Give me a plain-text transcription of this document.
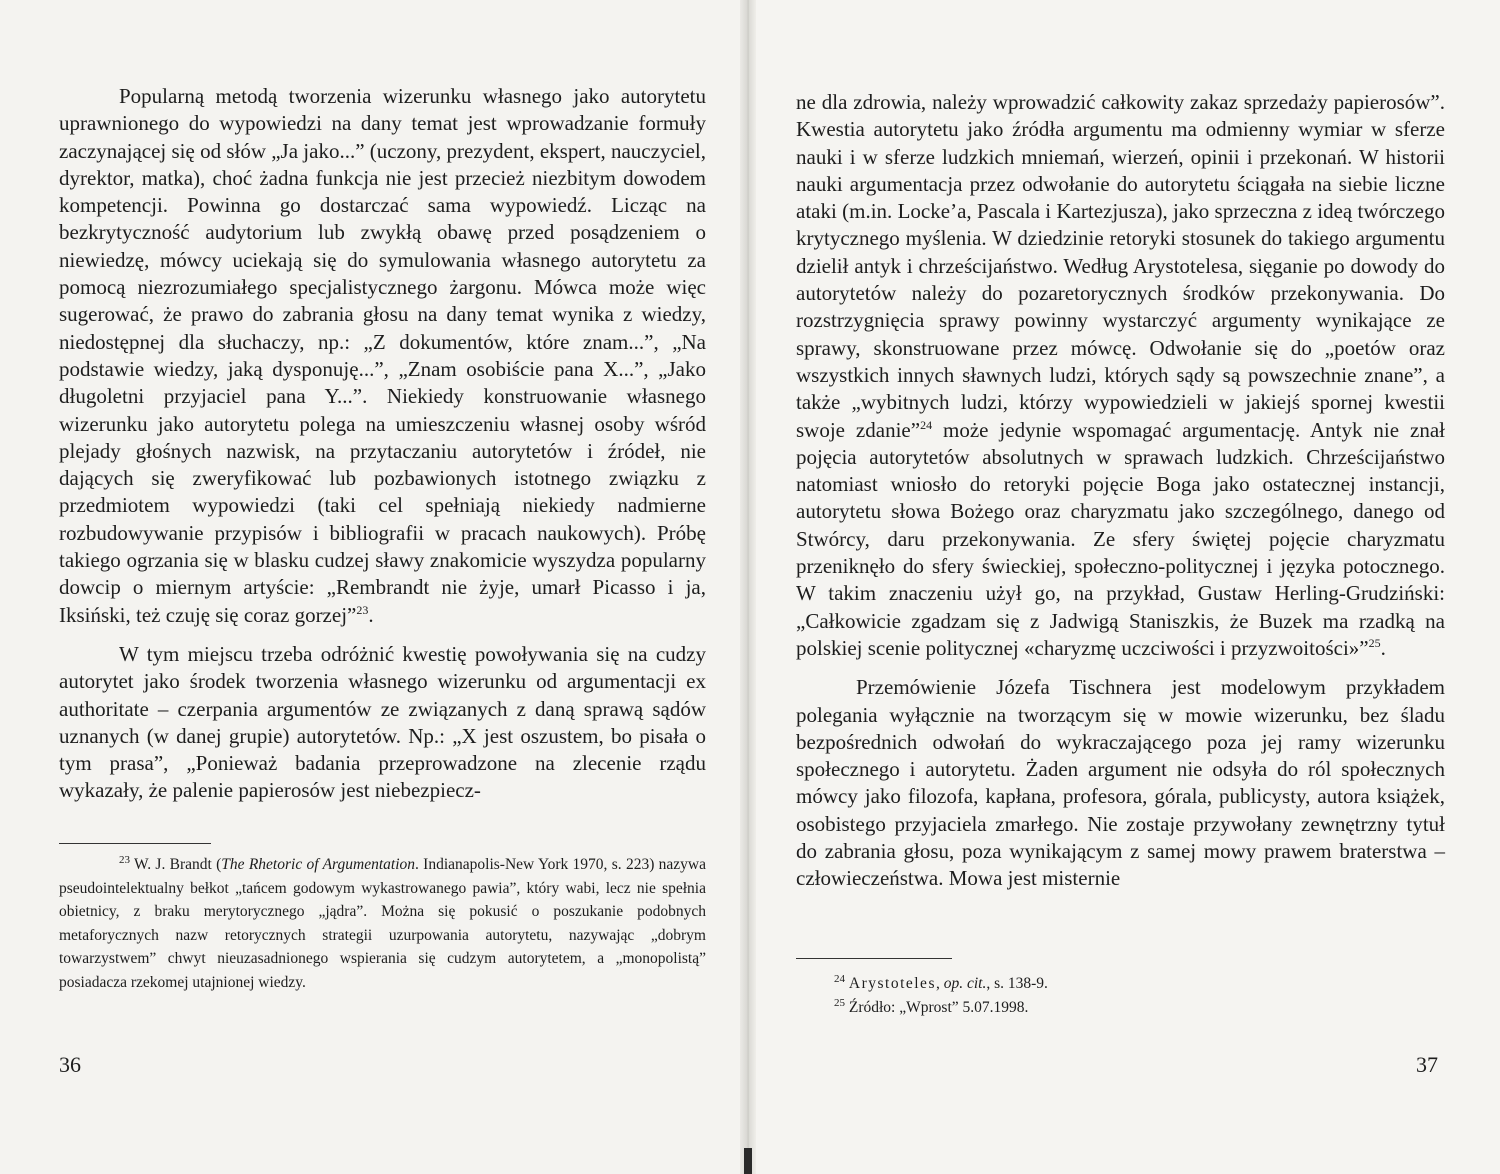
Popularną metodą tworzenia wizerunku własnego jako autorytetu uprawnionego do wypowiedzi na dany temat jest wprowadzanie formuły zaczynającej się od słów „Ja jako...” (uczony, prezydent, ekspert, nauczyciel, dyrektor, matka), choć żadna funkcja nie jest przecież niezbitym dowodem kompetencji. Powinna go dostarczać sama wypowiedź. Licząc na bezkrytyczność audytorium lub zwykłą obawę przed posądzeniem o niewiedzę, mówcy uciekają się do symulowania własnego autorytetu za pomocą niezrozumiałego specjalistycznego żargonu. Mówca może więc sugerować, że prawo do zabrania głosu na dany temat wynika z wiedzy, niedostępnej dla słuchaczy, np.: „Z dokumentów, które znam...”, „Na podstawie wiedzy, jaką dysponuję...”, „Znam osobiście pana X...”, „Jako długoletni przyjaciel pana Y...”. Niekiedy konstruowanie własnego wizerunku jako autorytetu polega na umieszczeniu własnej osoby wśród plejady głośnych nazwisk, na przytaczaniu autorytetów i źródeł, nie dających się zweryfikować lub pozbawionych istotnego związku z przedmiotem wypowiedzi (taki cel spełniają niekiedy nadmierne rozbudowywanie przypisów i bibliografii w pracach naukowych). Próbę takiego ogrzania się w blasku cudzej sławy znakomicie wyszydza popularny dowcip o miernym artyście: „Rembrandt nie żyje, umarł Picasso i ja, Iksiński, też czuję się coraz gorzej”$^{23}$.

W tym miejscu trzeba odróżnić kwestię powoływania się na cudzy autorytet jako środek tworzenia własnego wizerunku od argumentacji ex authoritate – czerpania argumentów ze związanych z daną sprawą sądów uznanych (w danej grupie) autorytetów. Np.: „X jest oszustem, bo pisała o tym prasa”, „Ponieważ badania przeprowadzone na zlecenie rządu wykazały, że palenie papierosów jest niebezpiecz-

$^{23}$ W. J. Brandt (The Rhetoric of Argumentation. Indianapolis-New York 1970, s. 223) nazywa pseudointelektualny bełkot „tańcem godowym wykastrowanego pawia”, który wabi, lecz nie spełnia obietnicy, z braku merytorycznego „jądra”. Można się pokusić o poszukanie podobnych metaforycznych nazw retorycznych strategii uzurpowania autorytetu, nazywając „dobrym towarzystwem” chwyt nieuzasadnionego wspierania się cudzym autorytetem, a „monopolistą” posiadacza rzekomej utajnionej wiedzy.

36

ne dla zdrowia, należy wprowadzić całkowity zakaz sprzedaży papierosów”. Kwestia autorytetu jako źródła argumentu ma odmienny wymiar w sferze nauki i w sferze ludzkich mniemań, wierzeń, opinii i przekonań. W historii nauki argumentacja przez odwołanie do autorytetu ściągała na siebie liczne ataki (m.in. Locke’a, Pascala i Kartezjusza), jako sprzeczna z ideą twórczego krytycznego myślenia. W dziedzinie retoryki stosunek do takiego argumentu dzielił antyk i chrześcijaństwo. Według Arystotelesa, sięganie po dowody do autorytetów należy do pozaretorycznych środków przekonywania. Do rozstrzygnięcia sprawy powinny wystarczyć argumenty wynikające ze sprawy, skonstruowane przez mówcę. Odwołanie się do „poetów oraz wszystkich innych sławnych ludzi, których sądy są powszechnie znane”, a także „wybitnych ludzi, którzy wypowiedzieli w jakiejś spornej kwestii swoje zdanie”$^{24}$ może jedynie wspomagać argumentację. Antyk nie znał pojęcia autorytetów absolutnych w sprawach ludzkich. Chrześcijaństwo natomiast wniosło do retoryki pojęcie Boga jako ostatecznej instancji, autorytetu słowa Bożego oraz charyzmatu jako szczególnego, danego od Stwórcy, daru przekonywania. Ze sfery świętej pojęcie charyzmatu przeniknęło do sfery świeckiej, społeczno-politycznej i języka potocznego. W takim znaczeniu użył go, na przykład, Gustaw Herling-Grudziński: „Całkowicie zgadzam się z Jadwigą Staniszkis, że Buzek ma rzadką na polskiej scenie politycznej «charyzmę uczciwości i przyzwoitości»”$^{25}$.

Przemówienie Józefa Tischnera jest modelowym przykładem polegania wyłącznie na tworzącym się w mowie wizerunku, bez śladu bezpośrednich odwołań do wykraczającego poza jej ramy wizerunku społecznego i autorytetu. Żaden argument nie odsyła do ról społecznych mówcy jako filozofa, kapłana, profesora, górala, publicysty, autora książek, osobistego przyjaciela zmarłego. Nie zostaje przywołany zewnętrzny tytuł do zabrania głosu, poza wynikającym z samej mowy prawem braterstwa – człowieczeństwa. Mowa jest misternie

$^{24}$ Arystoteles, op. cit., s. 138-9.

$^{25}$ Źródło: „Wprost” 5.07.1998.

37
